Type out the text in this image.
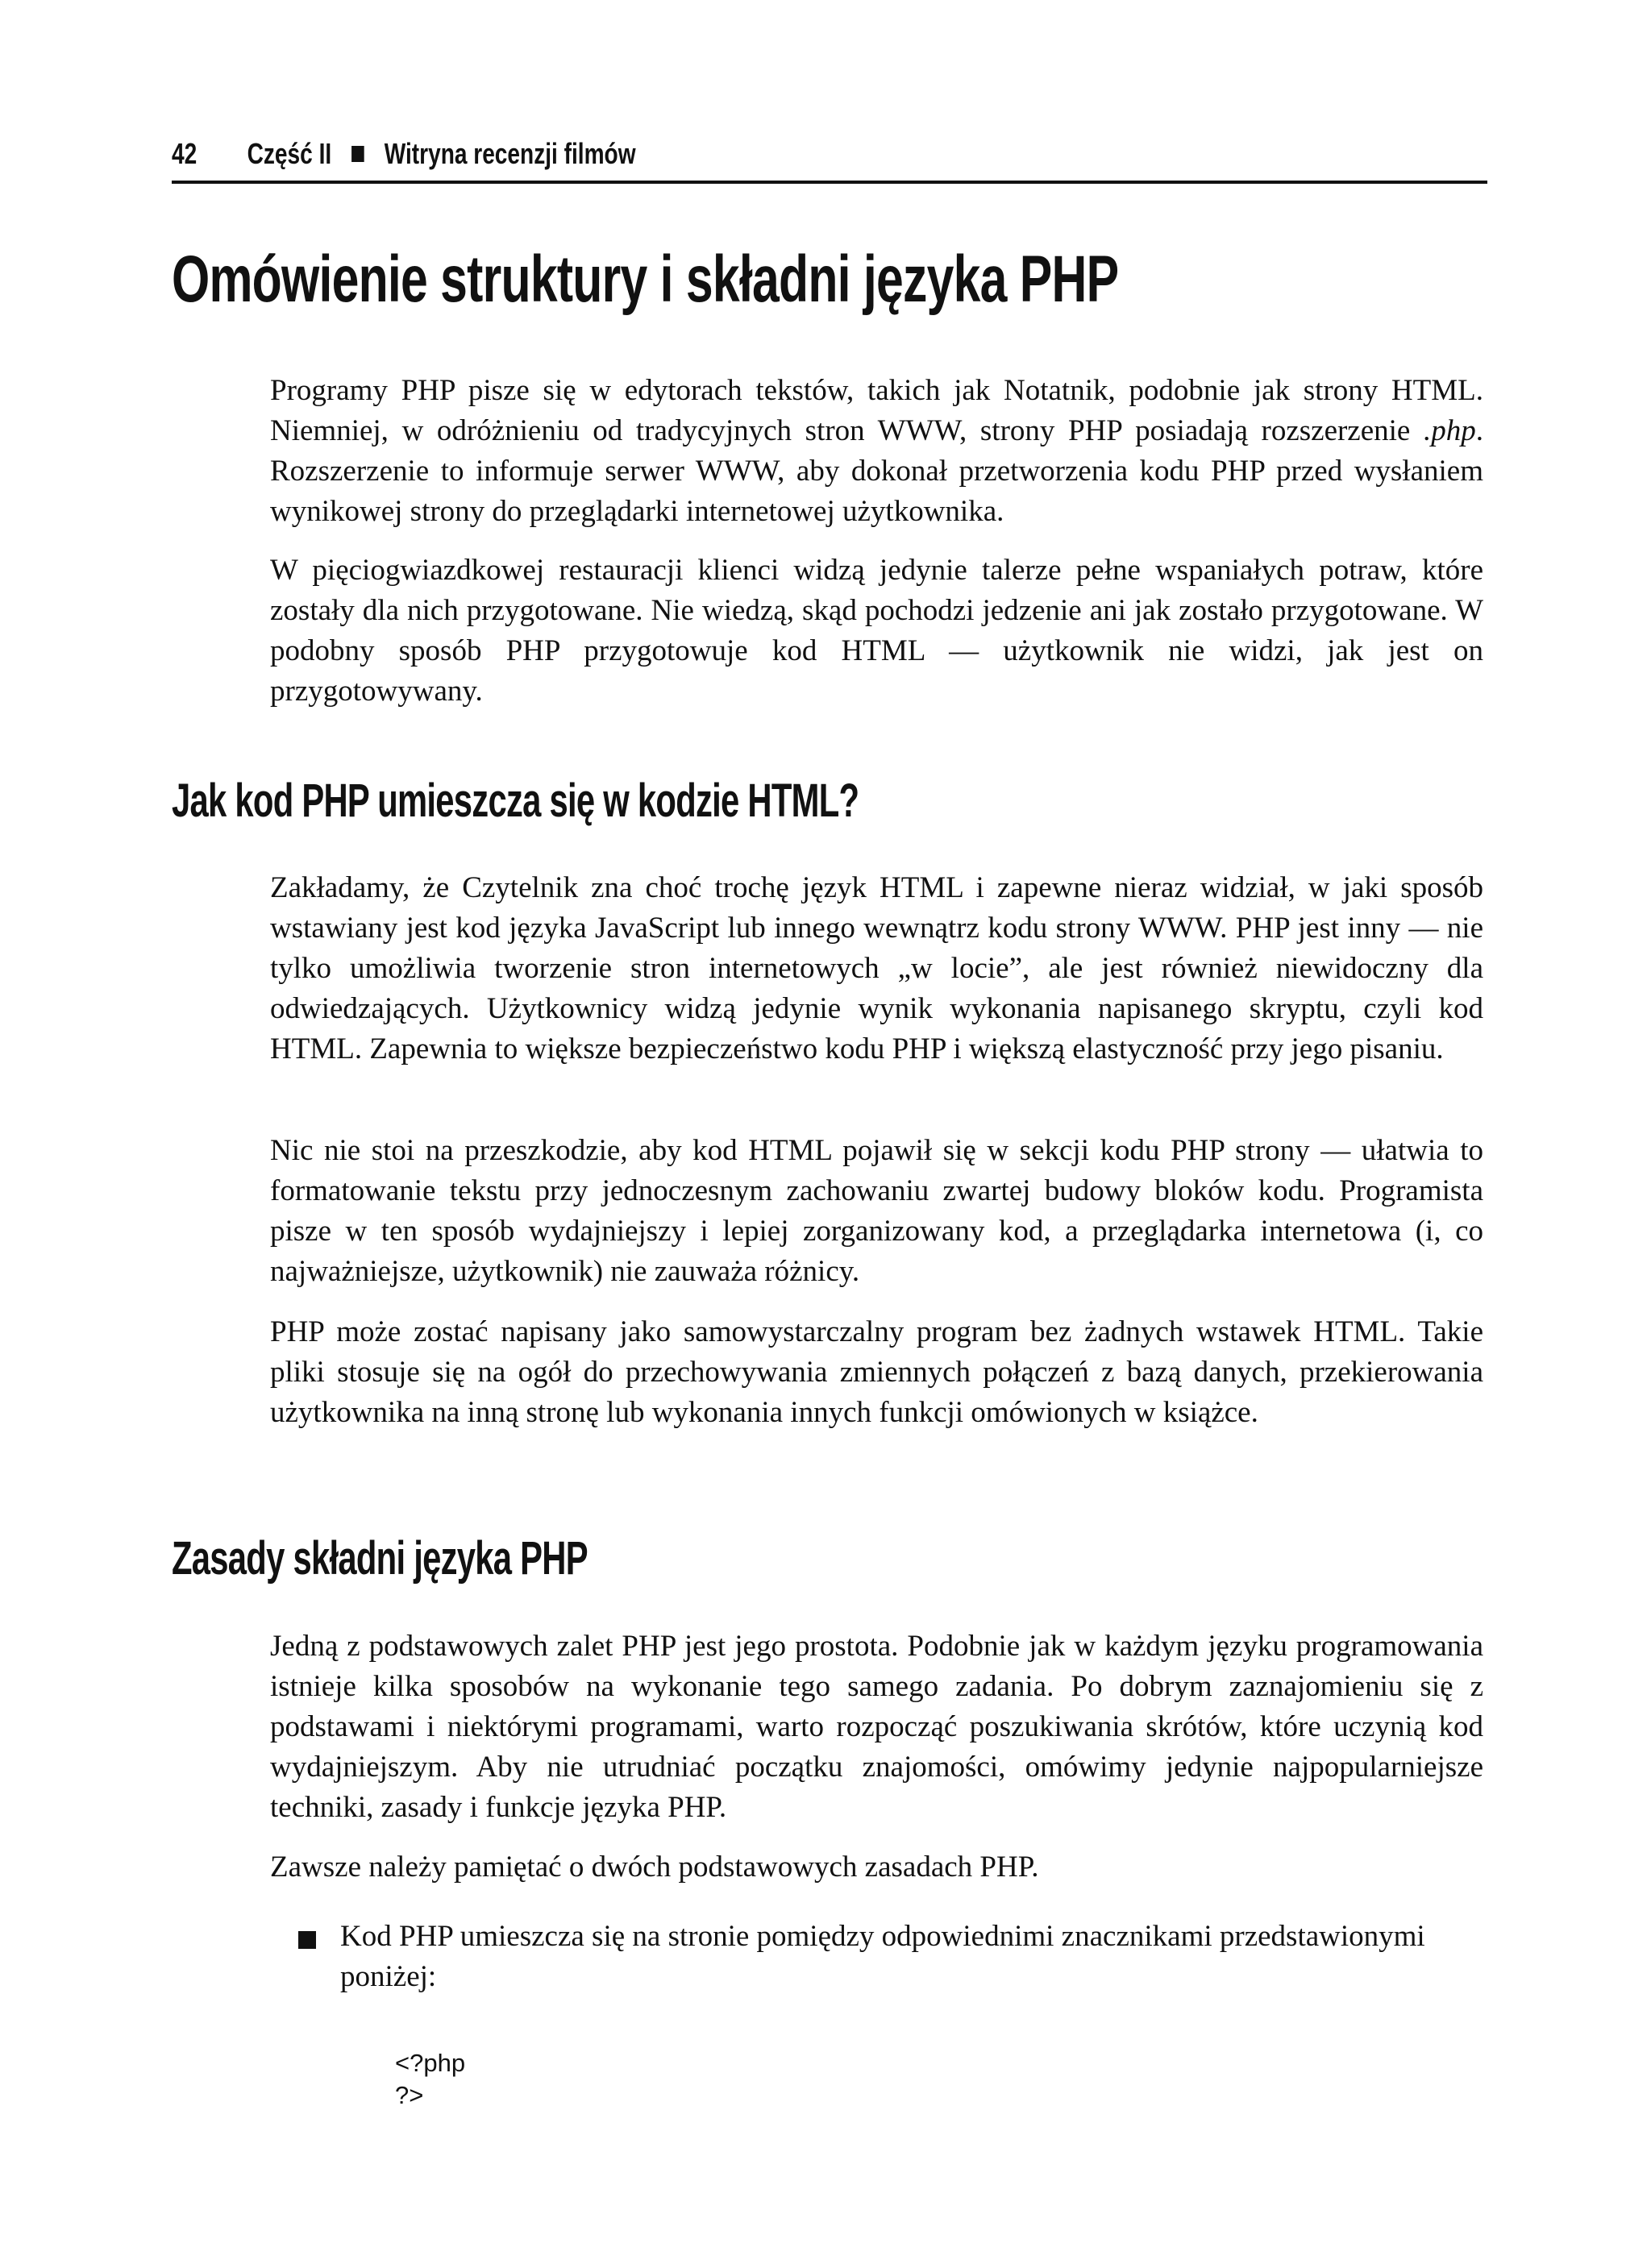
42 Część II Witryna recenzji filmów
Omówienie struktury i składni języka PHP

Programy PHP pisze się w edytorach tekstów, takich jak Notatnik, podobnie jak strony HTML. Niemniej, w odróżnieniu od tradycyjnych stron WWW, strony PHP posiadają rozszerzenie .php. Rozszerzenie to informuje serwer WWW, aby dokonał przetworzenia kodu PHP przed wysłaniem wynikowej strony do przeglądarki internetowej użytkownika.

W pięciogwiazdkowej restauracji klienci widzą jedynie talerze pełne wspaniałych potraw, które zostały dla nich przygotowane. Nie wiedzą, skąd pochodzi jedzenie ani jak zostało przygotowane. W podobny sposób PHP przygotowuje kod HTML — użytkownik nie widzi, jak jest on przygotowywany.

Jak kod PHP umieszcza się w kodzie HTML?

Zakładamy, że Czytelnik zna choć trochę język HTML i zapewne nieraz widział, w jaki sposób wstawiany jest kod języka JavaScript lub innego wewnątrz kodu strony WWW. PHP jest inny — nie tylko umożliwia tworzenie stron internetowych „w locie”, ale jest również niewidoczny dla odwiedzających. Użytkownicy widzą jedynie wynik wykonania napisanego skryptu, czyli kod HTML. Zapewnia to większe bezpieczeństwo kodu PHP i większą elastyczność przy jego pisaniu.

Nic nie stoi na przeszkodzie, aby kod HTML pojawił się w sekcji kodu PHP strony — ułatwia to formatowanie tekstu przy jednoczesnym zachowaniu zwartej budowy bloków kodu. Programista pisze w ten sposób wydajniejszy i lepiej zorganizowany kod, a przeglądarka internetowa (i, co najważniejsze, użytkownik) nie zauważa różnicy.

PHP może zostać napisany jako samowystarczalny program bez żadnych wstawek HTML. Takie pliki stosuje się na ogół do przechowywania zmiennych połączeń z bazą danych, przekierowania użytkownika na inną stronę lub wykonania innych funkcji omówionych w książce.

Zasady składni języka PHP

Jedną z podstawowych zalet PHP jest jego prostota. Podobnie jak w każdym języku programowania istnieje kilka sposobów na wykonanie tego samego zadania. Po dobrym zaznajomieniu się z podstawami i niektórymi programami, warto rozpocząć poszukiwania skrótów, które uczynią kod wydajniejszym. Aby nie utrudniać początku znajomości, omówimy jedynie najpopularniejsze techniki, zasady i funkcje języka PHP.

Zawsze należy pamiętać o dwóch podstawowych zasadach PHP.

Kod PHP umieszcza się na stronie pomiędzy odpowiednimi znacznikami przedstawionymi poniżej:

<?php
?>
